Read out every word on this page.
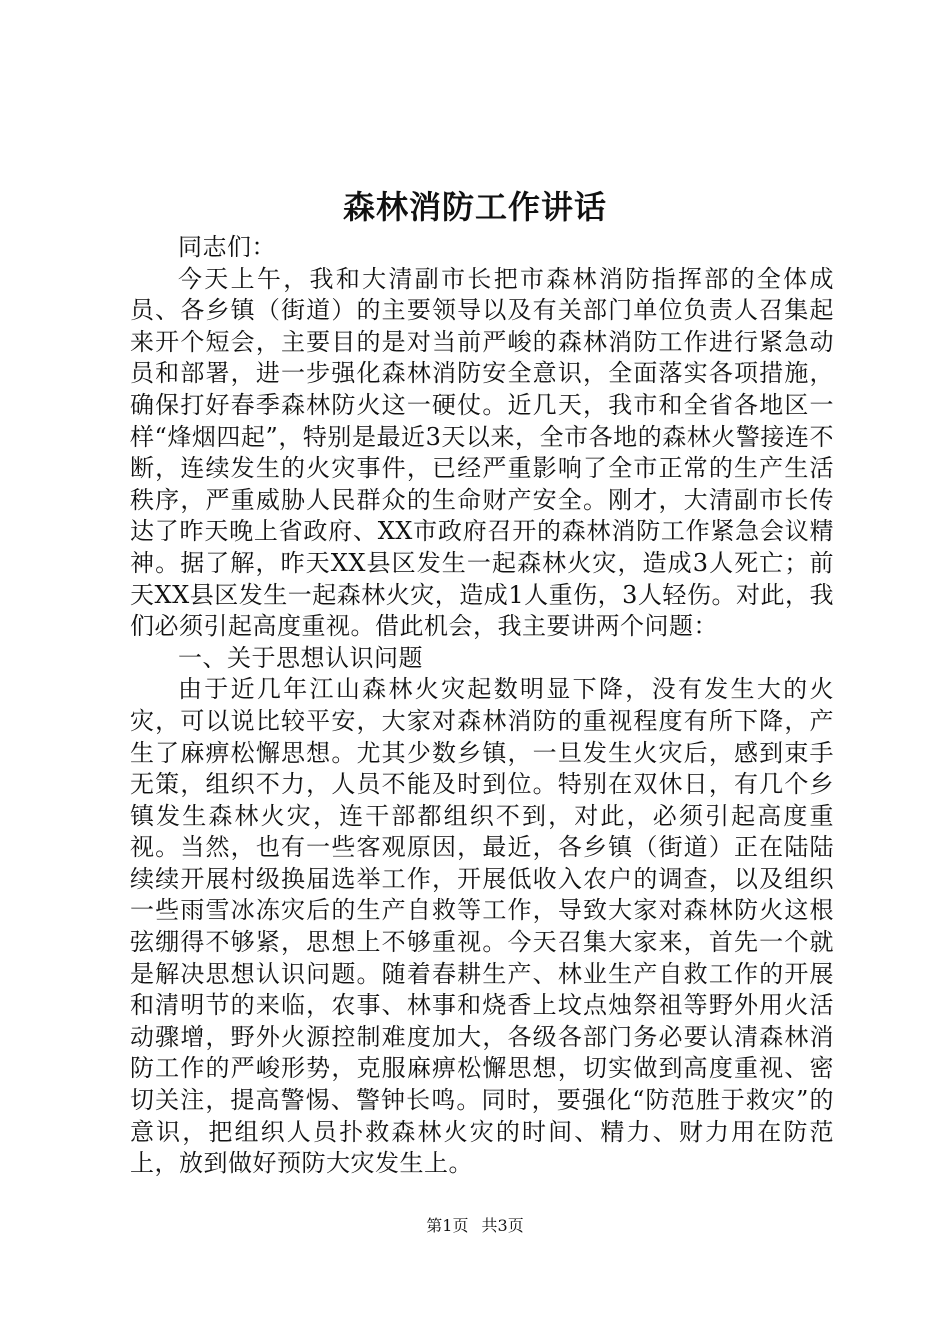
森林消防工作讲话

同志们：

今天上午，我和大清副市长把市森林消防指挥部的全体成员、各乡镇（街道）的主要领导以及有关部门单位负责人召集起来开个短会，主要目的是对当前严峻的森林消防工作进行紧急动员和部署，进一步强化森林消防安全意识，全面落实各项措施，确保打好春季森林防火这一硬仗。近几天，我市和全省各地区一样“烽烟四起”，特别是最近3天以来，全市各地的森林火警接连不断，连续发生的火灾事件，已经严重影响了全市正常的生产生活秩序，严重威胁人民群众的生命财产安全。刚才，大清副市长传达了昨天晚上省政府、XX市政府召开的森林消防工作紧急会议精神。据了解，昨天XX县区发生一起森林火灾，造成3人死亡；前天XX县区发生一起森林火灾，造成1人重伤，3人轻伤。对此，我们必须引起高度重视。借此机会，我主要讲两个问题：

一、关于思想认识问题

由于近几年江山森林火灾起数明显下降，没有发生大的火灾，可以说比较平安，大家对森林消防的重视程度有所下降，产生了麻痹松懈思想。尤其少数乡镇，一旦发生火灾后，感到束手无策，组织不力，人员不能及时到位。特别在双休日，有几个乡镇发生森林火灾，连干部都组织不到，对此，必须引起高度重视。当然，也有一些客观原因，最近，各乡镇（街道）正在陆陆续续开展村级换届选举工作，开展低收入农户的调查，以及组织一些雨雪冰冻灾后的生产自救等工作，导致大家对森林防火这根弦绷得不够紧，思想上不够重视。今天召集大家来，首先一个就是解决思想认识问题。随着春耕生产、林业生产自救工作的开展和清明节的来临，农事、林事和烧香上坟点烛祭祖等野外用火活动骤增，野外火源控制难度加大，各级各部门务必要认清森林消防工作的严峻形势，克服麻痹松懈思想，切实做到高度重视、密切关注，提高警惕、警钟长鸣。同时，要强化“防范胜于救灾”的意识，把组织人员扑救森林火灾的时间、精力、财力用在防范上，放到做好预防大灾发生上。

第1页 共3页
